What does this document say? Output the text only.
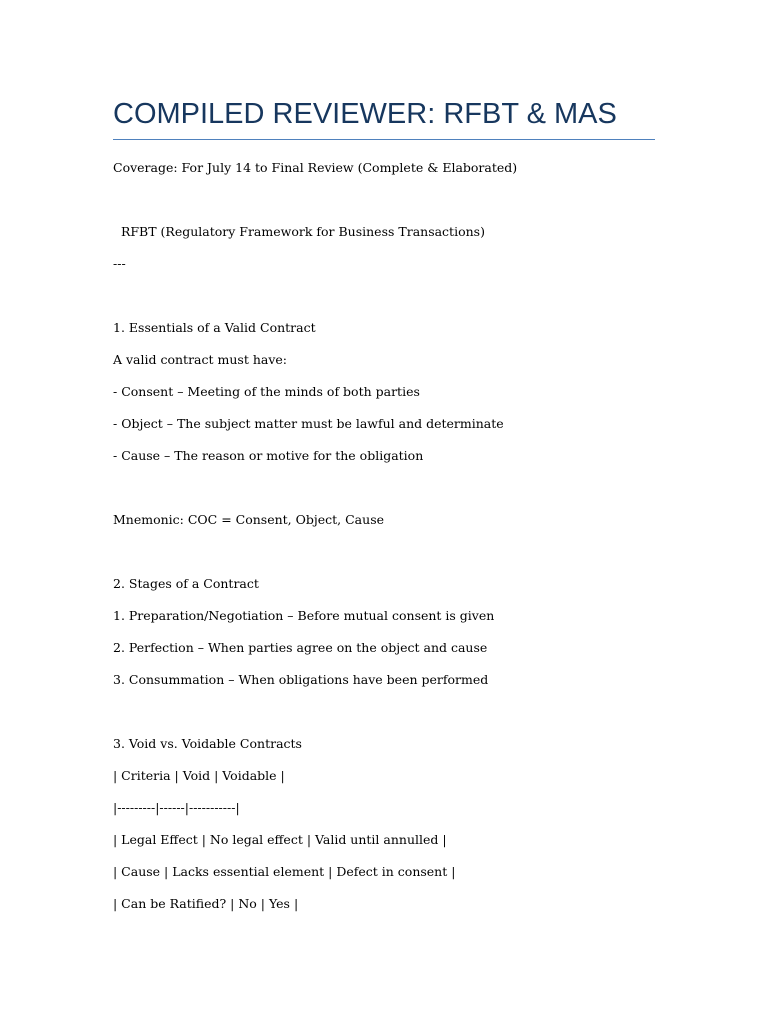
COMPILED REVIEWER: RFBT & MAS

Coverage: For July 14 to Final Review (Complete & Elaborated)

RFBT (Regulatory Framework for Business Transactions)

---

1. Essentials of a Valid Contract

A valid contract must have:

- Consent – Meeting of the minds of both parties

- Object – The subject matter must be lawful and determinate

- Cause – The reason or motive for the obligation

Mnemonic: COC = Consent, Object, Cause

2. Stages of a Contract

1. Preparation/Negotiation – Before mutual consent is given

2. Perfection – When parties agree on the object and cause

3. Consummation – When obligations have been performed

3. Void vs. Voidable Contracts

| Criteria | Void | Voidable |

|---------|------|-----------|

| Legal Effect | No legal effect | Valid until annulled |

| Cause | Lacks essential element | Defect in consent |

| Can be Ratified? | No | Yes |
